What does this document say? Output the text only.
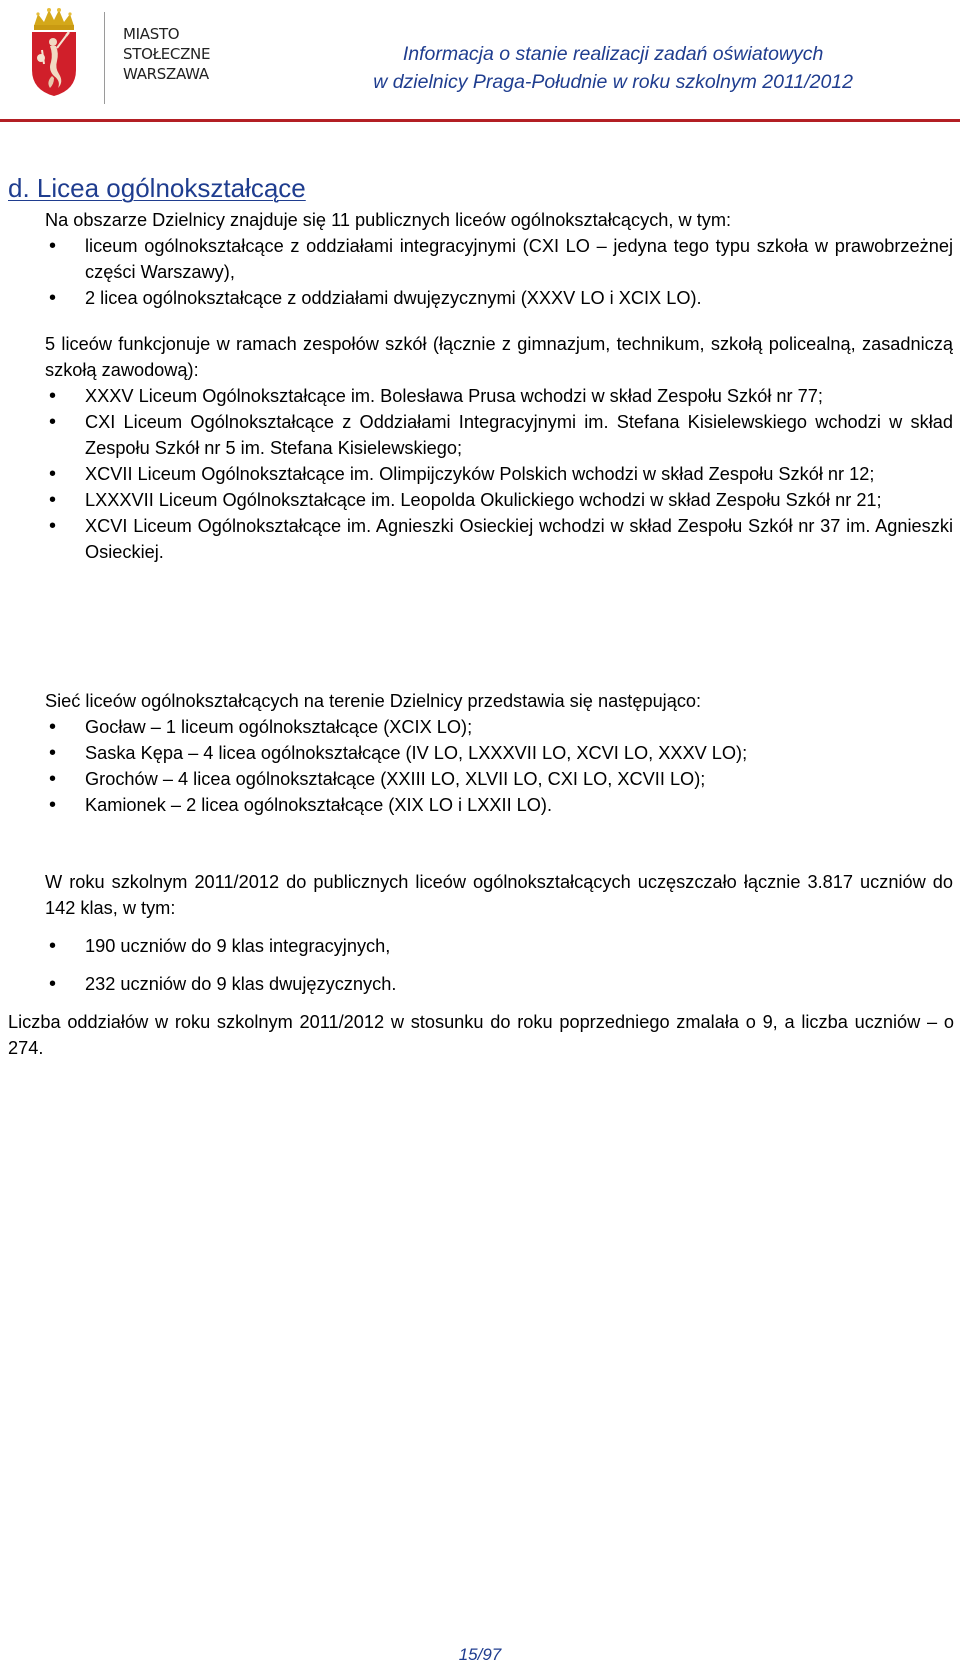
MIASTO
STOŁECZNE
WARSZAWA
Informacja o stanie realizacji zadań oświatowych
w dzielnicy Praga-Południe w roku szkolnym 2011/2012
d. Licea ogólnokształcące

Na obszarze Dzielnicy znajduje się 11 publicznych liceów ogólnokształcących, w tym:

• liceum ogólnokształcące z oddziałami integracyjnymi (CXI LO – jedyna tego typu szkoła w prawobrzeżnej części Warszawy),
• 2 licea ogólnokształcące z oddziałami dwujęzycznymi (XXXV LO i XCIX LO).

5 liceów funkcjonuje w ramach zespołów szkół (łącznie z gimnazjum, technikum, szkołą policealną, zasadniczą szkołą zawodową):

• XXXV Liceum Ogólnokształcące im. Bolesława Prusa wchodzi w skład Zespołu Szkół nr 77;
• CXI Liceum Ogólnokształcące z Oddziałami Integracyjnymi im. Stefana Kisielewskiego wchodzi w skład Zespołu Szkół nr 5 im. Stefana Kisielewskiego;
• XCVII Liceum Ogólnokształcące im. Olimpijczyków Polskich wchodzi w skład Zespołu Szkół nr 12;
• LXXXVII Liceum Ogólnokształcące im. Leopolda Okulickiego wchodzi w skład Zespołu Szkół nr 21;
• XCVI Liceum Ogólnokształcące im. Agnieszki Osieckiej wchodzi w skład Zespołu Szkół nr 37 im. Agnieszki Osieckiej.

Sieć liceów ogólnokształcących na terenie Dzielnicy przedstawia się następująco:

• Gocław – 1 liceum ogólnokształcące (XCIX LO);
• Saska Kępa – 4 licea ogólnokształcące (IV LO, LXXXVII LO, XCVI LO, XXXV LO);
• Grochów – 4 licea ogólnokształcące (XXIII LO, XLVII LO, CXI LO, XCVII LO);
• Kamionek – 2 licea ogólnokształcące (XIX LO i LXXII LO).

W roku szkolnym 2011/2012 do publicznych liceów ogólnokształcących uczęszczało łącznie 3.817 uczniów do 142 klas, w tym:

• 190 uczniów do 9 klas integracyjnych,
• 232 uczniów do 9 klas dwujęzycznych.

Liczba oddziałów w roku szkolnym 2011/2012 w stosunku do roku poprzedniego zmalała o 9, a liczba uczniów – o 274.

15/97
